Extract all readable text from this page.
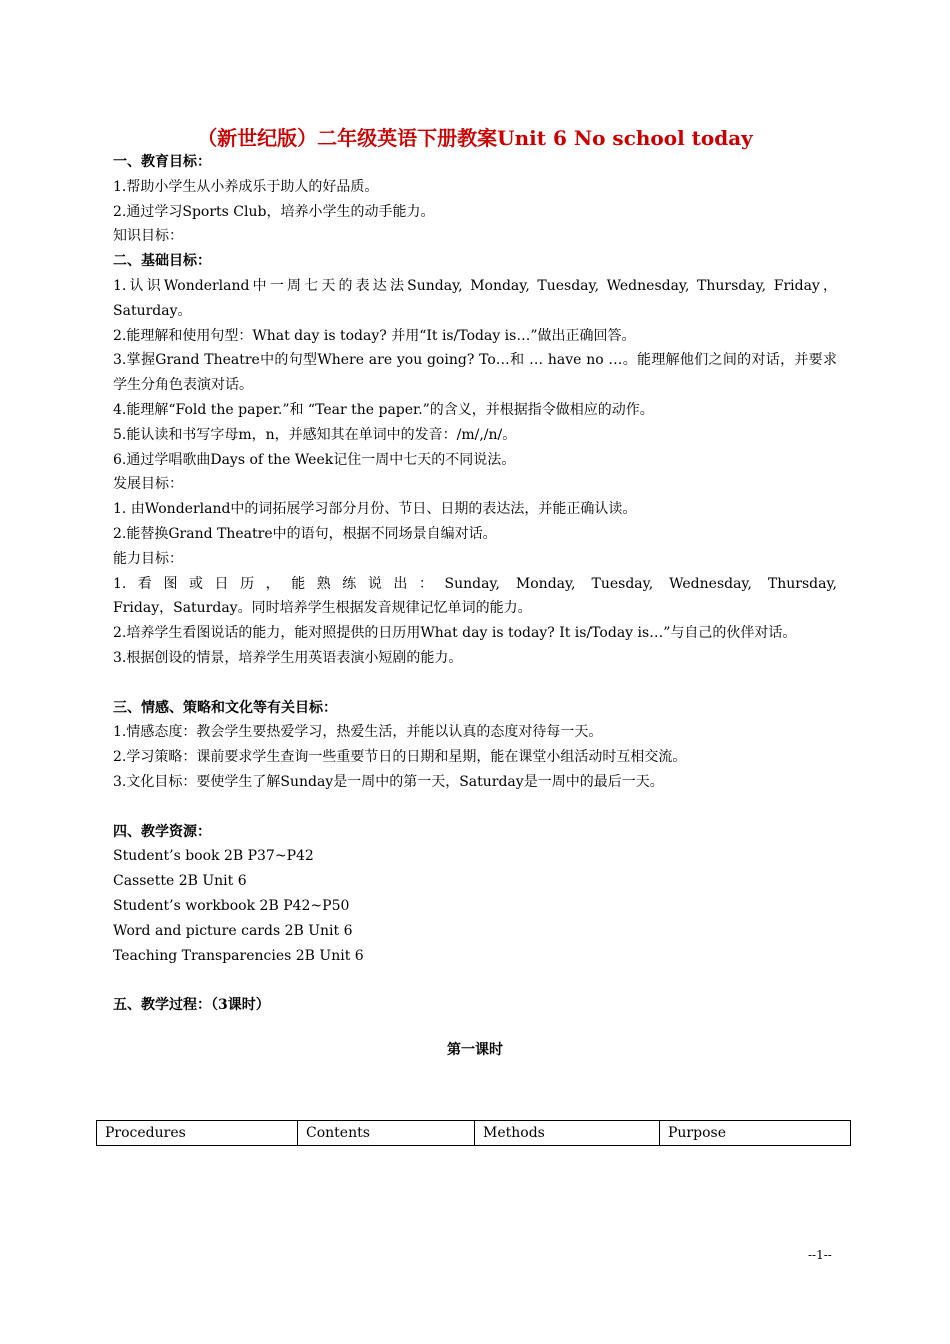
（新世纪版）二年级英语下册教案Unit 6 No school today

一、教育目标：

1.帮助小学生从小养成乐于助人的好品质。

2.通过学习Sports Club，培养小学生的动手能力。

知识目标：

二、基础目标：

1.认识Wonderland中一周七天的表达法Sunday, Monday, Tuesday, Wednesday, Thursday, Friday，Saturday。

2.能理解和使用句型：What day is today? 并用“It is/Today is…”做出正确回答。

3.掌握Grand Theatre中的句型Where are you going? To…和 … have no …。能理解他们之间的对话，并要求学生分角色表演对话。

4.能理解“Fold the paper.”和 “Tear the paper.”的含义，并根据指令做相应的动作。

5.能认读和书写字母m，n，并感知其在单词中的发音：/m/,/n/。

6.通过学唱歌曲Days of the Week记住一周中七天的不同说法。

发展目标：

1. 由Wonderland中的词拓展学习部分月份、节日、日期的表达法，并能正确认读。

2.能替换Grand Theatre中的语句，根据不同场景自编对话。

能力目标：

1.看图或日历，能熟练说出：Sunday, Monday, Tuesday, Wednesday, Thursday,

Friday，Saturday。同时培养学生根据发音规律记忆单词的能力。

2.培养学生看图说话的能力，能对照提供的日历用What day is today? It is/Today is…”与自己的伙伴对话。

3.根据创设的情景，培养学生用英语表演小短剧的能力。

三、情感、策略和文化等有关目标：

1.情感态度：教会学生要热爱学习，热爱生活，并能以认真的态度对待每一天。

2.学习策略：课前要求学生查询一些重要节日的日期和星期，能在课堂小组活动时互相交流。

3.文化目标：要使学生了解Sunday是一周中的第一天，Saturday是一周中的最后一天。

四、教学资源：

Student’s book 2B P37~P42

Cassette 2B Unit 6

Student’s workbook 2B P42~P50

Word and picture cards 2B Unit 6

Teaching Transparencies 2B Unit 6

五、教学过程：（3课时）

第一课时

Procedures	Contents	Methods	Purpose
--1--
